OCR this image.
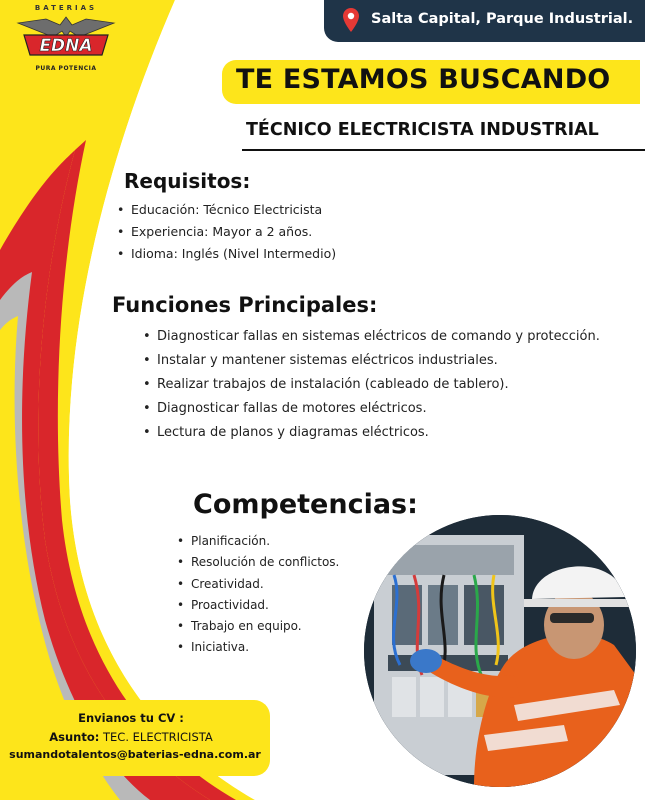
BATERIAS
EDNA
PURA POTENCIA
Salta Capital, Parque Industrial.
TE ESTAMOS BUSCANDO
TÉCNICO ELECTRICISTA INDUSTRIAL
Requisitos:
• Educación: Técnico Electricista
• Experiencia: Mayor a 2 años.
• Idioma: Inglés (Nivel Intermedio)
Funciones Principales:
• Diagnosticar fallas en sistemas eléctricos de comando y protección.
• Instalar y mantener sistemas eléctricos industriales.
• Realizar trabajos de instalación (cableado de tablero).
• Diagnosticar fallas de motores eléctricos.
• Lectura de planos y diagramas eléctricos.
Competencias:
• Planificación.
• Resolución de conflictos.
• Creatividad.
• Proactividad.
• Trabajo en equipo.
• Iniciativa.
Envianos tu CV :
Asunto: TEC. ELECTRICISTA
sumandotalentos@baterias-edna.com.ar
